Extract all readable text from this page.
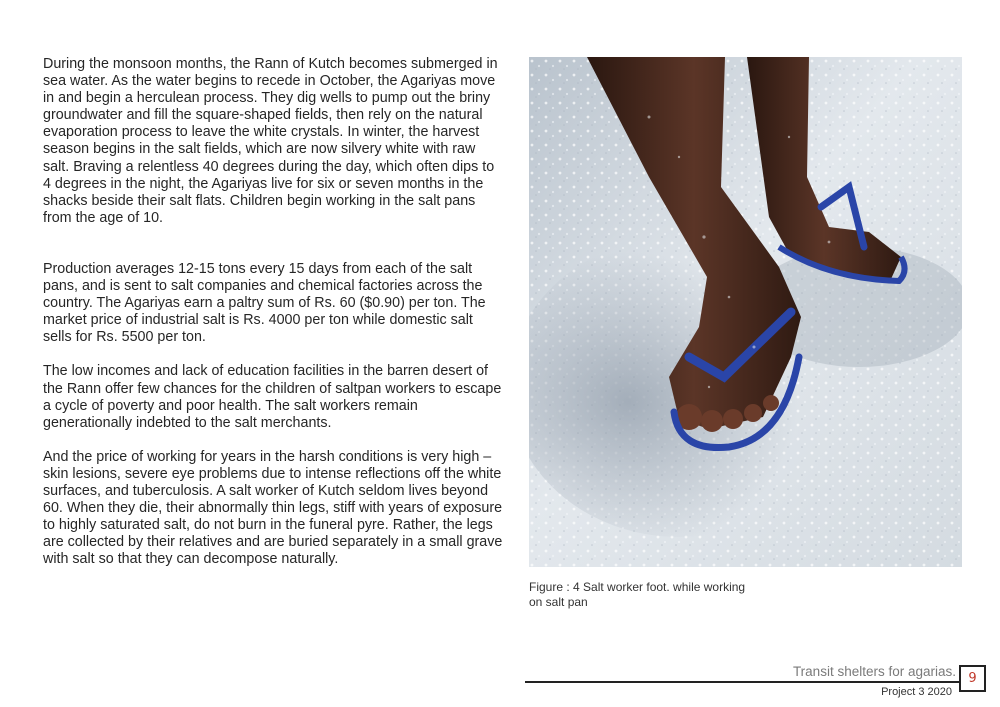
During the monsoon months, the Rann of Kutch becomes submerged in sea water. As the water begins to recede in October, the Agariyas move in and begin a herculean process. They dig wells to pump out the briny groundwater and fill the square-shaped fields, then rely on the natural evaporation process to leave the white crystals. In winter, the harvest season begins in the salt fields, which are now silvery white with raw salt. Braving a relentless 40 degrees during the day, which often dips to 4 degrees in the night, the Agariyas live for six or seven months in the shacks beside their salt flats. Children begin working in the salt pans from the age of 10.

Production averages 12-15 tons every 15 days from each of the salt pans, and is sent to salt companies and chemical factories across the country. The Agariyas earn a paltry sum of Rs. 60 ($0.90) per ton. The market price of industrial salt is Rs. 4000 per ton while domestic salt sells for Rs. 5500 per ton.

The low incomes and lack of education facilities in the barren desert of the Rann offer few chances for the children of saltpan workers to escape a cycle of poverty and poor health. The salt workers remain generationally indebted to the salt merchants.

And the price of working for years in the harsh conditions is very high – skin lesions, severe eye problems due to intense reflections off the white surfaces, and tuberculosis. A salt worker of Kutch seldom lives beyond 60. When they die, their abnormally thin legs, stiff with years of exposure to highly saturated salt, do not burn in the funeral pyre. Rather, the legs are collected by their relatives and are buried separately in a small grave with salt so that they can decompose naturally.

Figure : 4 Salt worker foot. while working on salt pan
Transit shelters for agarias.
Project 3 2020
9
